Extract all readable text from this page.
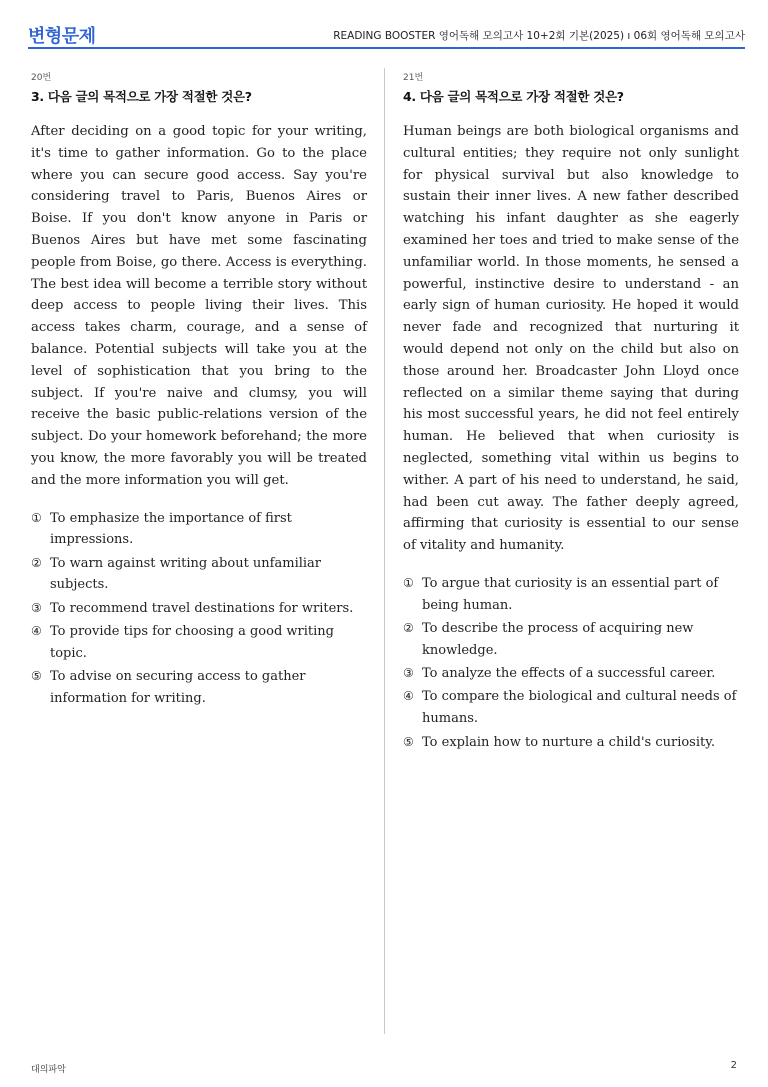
변형문제	READING BOOSTER 영어독해 모의고사 10+2회 기본(2025) ı 06회 영어독해 모의고사
20번
3. 다음 글의 목적으로 가장 적절한 것은?

After deciding on a good topic for your writing, it's time to gather information. Go to the place where you can secure good access. Say you're considering travel to Paris, Buenos Aires or Boise. If you don't know anyone in Paris or Buenos Aires but have met some fascinating people from Boise, go there. Access is everything. The best idea will become a terrible story without deep access to people living their lives. This access takes charm, courage, and a sense of balance. Potential subjects will take you at the level of sophistication that you bring to the subject. If you're naive and clumsy, you will receive the basic public-relations version of the subject. Do your homework beforehand; the more you know, the more favorably you will be treated and the more information you will get.

① To emphasize the importance of first impressions.
② To warn against writing about unfamiliar subjects.
③ To recommend travel destinations for writers.
④ To provide tips for choosing a good writing topic.
⑤ To advise on securing access to gather information for writing.
21번
4. 다음 글의 목적으로 가장 적절한 것은?

Human beings are both biological organisms and cultural entities; they require not only sunlight for physical survival but also knowledge to sustain their inner lives. A new father described watching his infant daughter as she eagerly examined her toes and tried to make sense of the unfamiliar world. In those moments, he sensed a powerful, instinctive desire to understand - an early sign of human curiosity. He hoped it would never fade and recognized that nurturing it would depend not only on the child but also on those around her. Broadcaster John Lloyd once reflected on a similar theme saying that during his most successful years, he did not feel entirely human. He believed that when curiosity is neglected, something vital within us begins to wither. A part of his need to understand, he said, had been cut away. The father deeply agreed, affirming that curiosity is essential to our sense of vitality and humanity.

① To argue that curiosity is an essential part of being human.
② To describe the process of acquiring new knowledge.
③ To analyze the effects of a successful career.
④ To compare the biological and cultural needs of humans.
⑤ To explain how to nurture a child's curiosity.
대의파악	2
